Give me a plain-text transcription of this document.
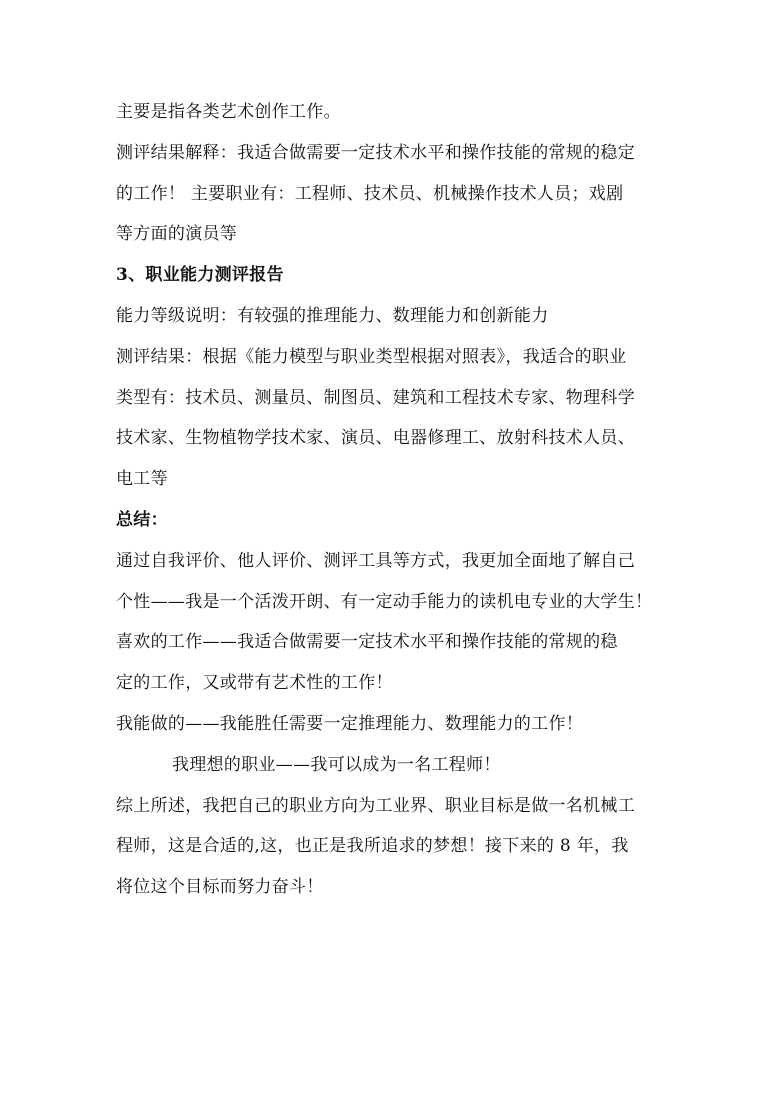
主要是指各类艺术创作工作。
测评结果解释：我适合做需要一定技术水平和操作技能的常规的稳定
的工作！ 主要职业有：工程师、技术员、机械操作技术人员；戏剧
等方面的演员等
3、职业能力测评报告
能力等级说明：有较强的推理能力、数理能力和创新能力
测评结果：根据《能力模型与职业类型根据对照表》，我适合的职业
类型有：技术员、测量员、制图员、建筑和工程技术专家、物理科学
技术家、生物植物学技术家、演员、电器修理工、放射科技术人员、
电工等
总结：
通过自我评价、他人评价、测评工具等方式，我更加全面地了解自己
个性——我是一个活泼开朗、有一定动手能力的读机电专业的大学生！
喜欢的工作——我适合做需要一定技术水平和操作技能的常规的稳
定的工作，又或带有艺术性的工作！
我能做的——我能胜任需要一定推理能力、数理能力的工作！
我理想的职业——我可以成为一名工程师！
综上所述，我把自己的职业方向为工业界、职业目标是做一名机械工
程师，这是合适的,这，也正是我所追求的梦想！接下来的 8 年，我
将位这个目标而努力奋斗！
